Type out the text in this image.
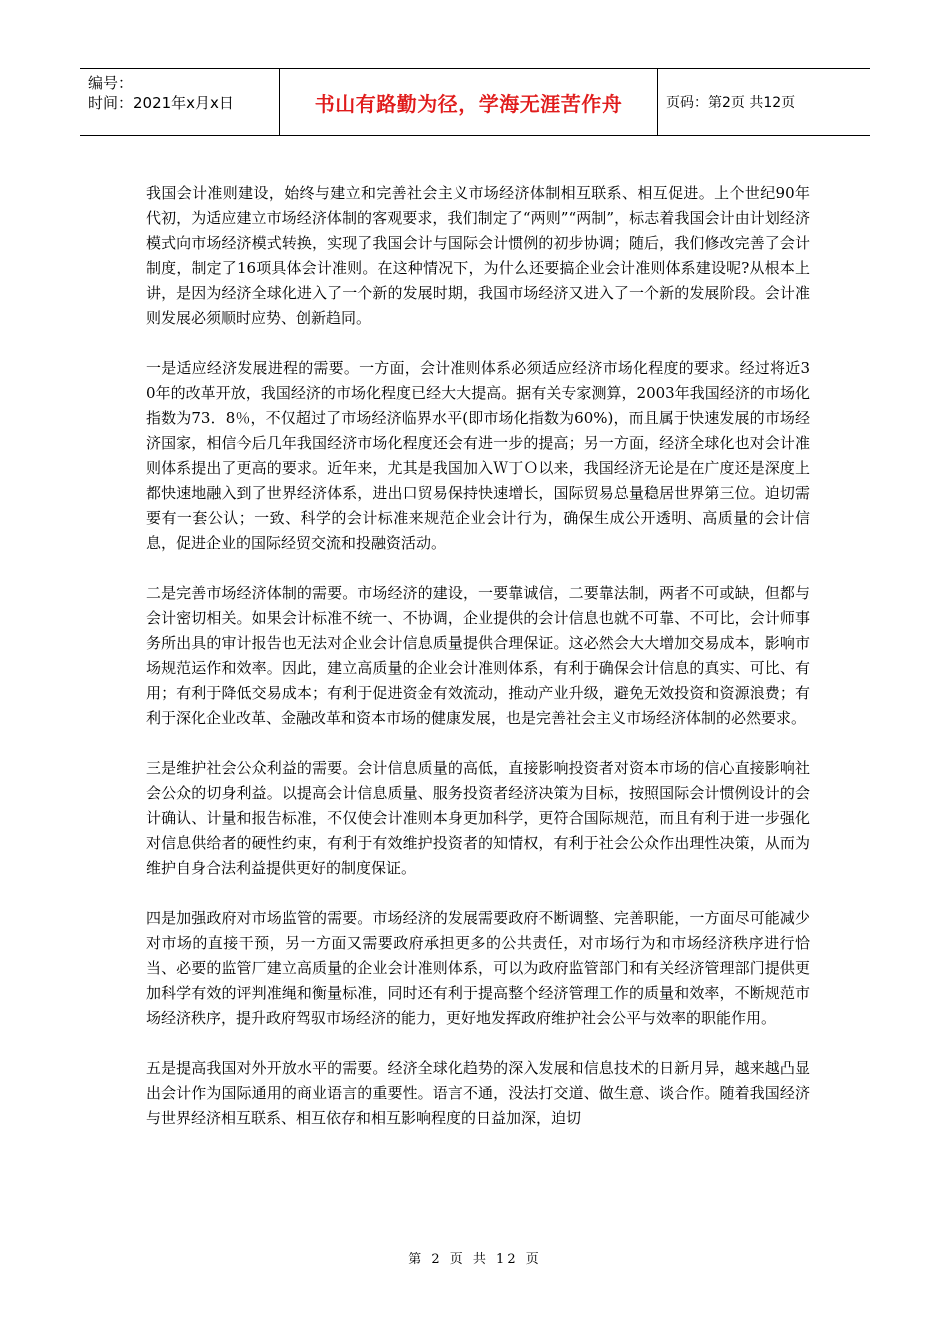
编号：
时间：2021年x月x日	书山有路勤为径，学海无涯苦作舟	页码：第2页 共12页

我国会计准则建设，始终与建立和完善社会主义市场经济体制相互联系、相互促进。上个世纪90年代初，为适应建立市场经济体制的客观要求，我们制定了“两则”“两制”，标志着我国会计由计划经济模式向市场经济模式转换，实现了我国会计与国际会计惯例的初步协调；随后，我们修改完善了会计制度，制定了16项具体会计准则。在这种情况下，为什么还要搞企业会计准则体系建设呢?从根本上讲，是因为经济全球化进入了一个新的发展时期，我国市场经济又进入了一个新的发展阶段。会计准则发展必须顺时应势、创新趋同。

一是适应经济发展进程的需要。一方面，会计准则体系必须适应经济市场化程度的要求。经过将近30年的改革开放，我国经济的市场化程度已经大大提高。据有关专家测算，2003年我国经济的市场化指数为73．8％，不仅超过了市场经济临界水平(即市场化指数为60%)，而且属于快速发展的市场经济国家，相信今后几年我国经济市场化程度还会有进一步的提高；另一方面，经济全球化也对会计准则体系提出了更高的要求。近年来，尤其是我国加入Ｗ丁Ｏ以来，我国经济无论是在广度还是深度上都快速地融入到了世界经济体系，进出口贸易保持快速增长，国际贸易总量稳居世界第三位。迫切需要有一套公认；一致、科学的会计标准来规范企业会计行为，确保生成公开透明、高质量的会计信息，促进企业的国际经贸交流和投融资活动。

二是完善市场经济体制的需要。市场经济的建设，一要靠诚信，二要靠法制，两者不可或缺，但都与会计密切相关。如果会计标准不统一、不协调，企业提供的会计信息也就不可靠、不可比，会计师事务所出具的审计报告也无法对企业会计信息质量提供合理保证。这必然会大大增加交易成本，影响市场规范运作和效率。因此，建立高质量的企业会计准则体系，有利于确保会计信息的真实、可比、有用；有利于降低交易成本；有利于促进资金有效流动，推动产业升级，避免无效投资和资源浪费；有利于深化企业改革、金融改革和资本市场的健康发展，也是完善社会主义市场经济体制的必然要求。

三是维护社会公众利益的需要。会计信息质量的高低，直接影响投资者对资本市场的信心直接影响社会公众的切身利益。以提高会计信息质量、服务投资者经济决策为目标，按照国际会计惯例设计的会计确认、计量和报告标准，不仅使会计准则本身更加科学，更符合国际规范，而且有利于进一步强化对信息供给者的硬性约束，有利于有效维护投资者的知情权，有利于社会公众作出理性决策，从而为维护自身合法利益提供更好的制度保证。

四是加强政府对市场监管的需要。市场经济的发展需要政府不断调整、完善职能，一方面尽可能减少对市场的直接干预，另一方面又需要政府承担更多的公共责任，对市场行为和市场经济秩序进行恰当、必要的监管厂建立高质量的企业会计准则体系，可以为政府监管部门和有关经济管理部门提供更加科学有效的评判准绳和衡量标准，同时还有利于提高整个经济管理工作的质量和效率，不断规范市场经济秩序，提升政府驾驭市场经济的能力，更好地发挥政府维护社会公平与效率的职能作用。

五是提高我国对外开放水平的需要。经济全球化趋势的深入发展和信息技术的日新月异，越来越凸显出会计作为国际通用的商业语言的重要性。语言不通，没法打交道、做生意、谈合作。随着我国经济与世界经济相互联系、相互依存和相互影响程度的日益加深，迫切

第 2 页 共 12 页
